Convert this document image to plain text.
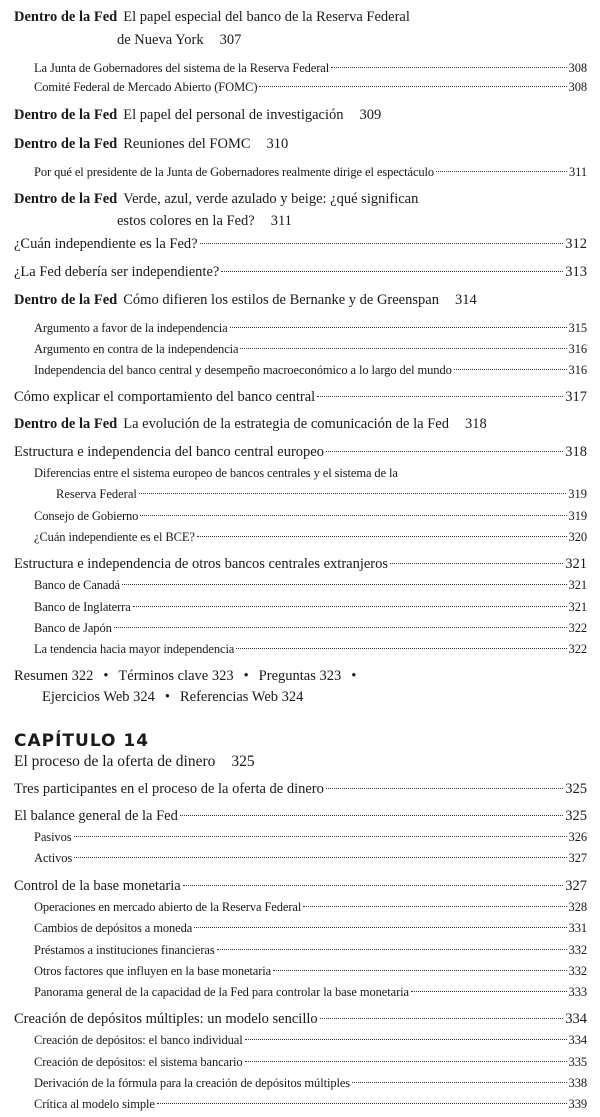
Dentro de la Fed El papel especial del banco de la Reserva Federal
de Nueva York 307
La Junta de Gobernadores del sistema de la Reserva Federal	308
Comité Federal de Mercado Abierto (FOMC)	308
Dentro de la Fed El papel del personal de investigación 309
Dentro de la Fed Reuniones del FOMC 310
Por qué el presidente de la Junta de Gobernadores realmente dirige el espectáculo	311
Dentro de la Fed Verde, azul, verde azulado y beige: ¿qué significan
estos colores en la Fed? 311
¿Cuán independiente es la Fed?	312
¿La Fed debería ser independiente?	313
Dentro de la Fed Cómo difieren los estilos de Bernanke y de Greenspan 314
Argumento a favor de la independencia	315
Argumento en contra de la independencia	316
Independencia del banco central y desempeño macroeconómico a lo largo del mundo	316
Cómo explicar el comportamiento del banco central	317
Dentro de la Fed La evolución de la estrategia de comunicación de la Fed 318
Estructura e independencia del banco central europeo	318
Diferencias entre el sistema europeo de bancos centrales y el sistema de la
Reserva Federal	319
Consejo de Gobierno	319
¿Cuán independiente es el BCE?	320
Estructura e independencia de otros bancos centrales extranjeros	321
Banco de Canadá	321
Banco de Inglaterra	321
Banco de Japón	322
La tendencia hacia mayor independencia	322
Resumen 322 • Términos clave 323 • Preguntas 323 •
Ejercicios Web 324 • Referencias Web 324
CAPÍTULO 14
El proceso de la oferta de dinero 325
Tres participantes en el proceso de la oferta de dinero	325
El balance general de la Fed	325
Pasivos	326
Activos	327
Control de la base monetaria	327
Operaciones en mercado abierto de la Reserva Federal	328
Cambios de depósitos a moneda	331
Préstamos a instituciones financieras	332
Otros factores que influyen en la base monetaria	332
Panorama general de la capacidad de la Fed para controlar la base monetaria	333
Creación de depósitos múltiples: un modelo sencillo	334
Creación de depósitos: el banco individual	334
Creación de depósitos: el sistema bancario	335
Derivación de la fórmula para la creación de depósitos múltiples	338
Crítica al modelo simple	339
